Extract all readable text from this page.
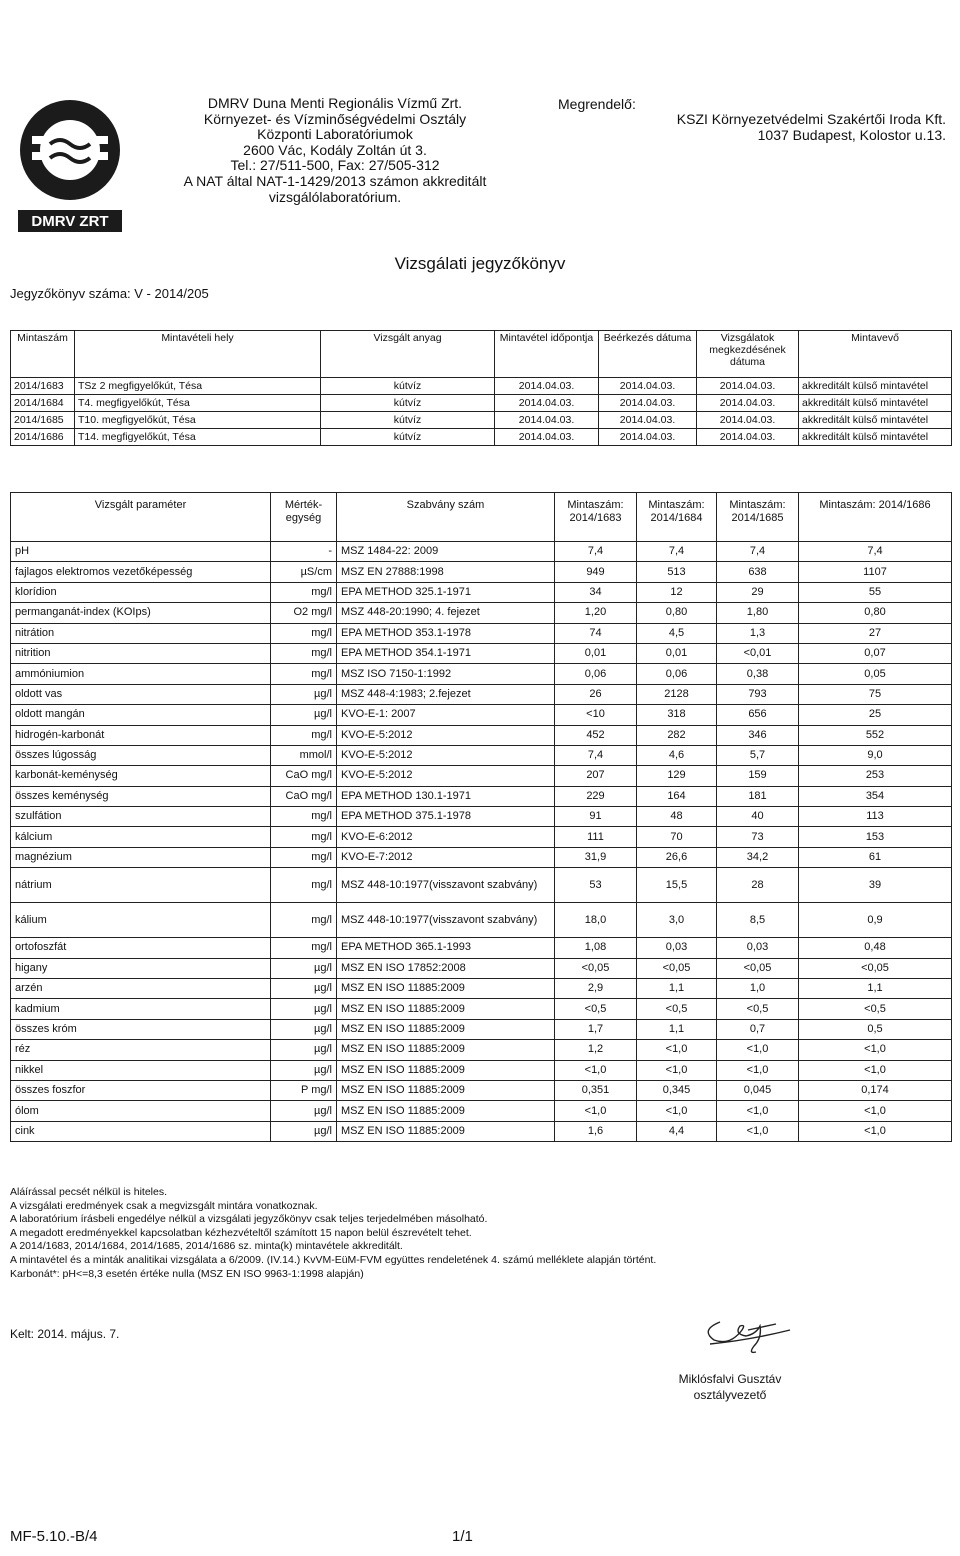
DMRV ZRT
DMRV Duna Menti Regionális Vízmű Zrt.
Környezet- és Vízminőségvédelmi Osztály
Központi Laboratóriumok
2600 Vác, Kodály Zoltán út 3.
Tel.: 27/511-500, Fax: 27/505-312
A NAT által NAT-1-1429/2013 számon akkreditált
vizsgálólaboratórium.
Megrendelő:
KSZI Környezetvédelmi Szakértői Iroda Kft.
1037 Budapest, Kolostor u.13.
Vizsgálati jegyzőkönyv
Jegyzőkönyv száma: V - 2014/205
Mintaszám	Mintavételi hely	Vizsgált anyag	Mintavétel időpontja	Beérkezés dátuma	Vizsgálatok megkezdésének dátuma	Mintavevő
2014/1683	TSz 2 megfigyelőkút, Tésa	kútvíz	2014.04.03.	2014.04.03.	2014.04.03.	akkreditált külső mintavétel
2014/1684	T4. megfigyelőkút, Tésa	kútvíz	2014.04.03.	2014.04.03.	2014.04.03.	akkreditált külső mintavétel
2014/1685	T10. megfigyelőkút, Tésa	kútvíz	2014.04.03.	2014.04.03.	2014.04.03.	akkreditált külső mintavétel
2014/1686	T14. megfigyelőkút, Tésa	kútvíz	2014.04.03.	2014.04.03.	2014.04.03.	akkreditált külső mintavétel
Vizsgált paraméter	Mérték-egység	Szabvány szám	Mintaszám: 2014/1683	Mintaszám: 2014/1684	Mintaszám: 2014/1685	Mintaszám: 2014/1686
pH	-	MSZ 1484-22: 2009	7,4	7,4	7,4	7,4
fajlagos elektromos vezetőképesség	µS/cm	MSZ EN 27888:1998	949	513	638	1107
klorídion	mg/l	EPA METHOD 325.1-1971	34	12	29	55
permanganát-index (KOIps)	O2 mg/l	MSZ 448-20:1990; 4. fejezet	1,20	0,80	1,80	0,80
nitrátion	mg/l	EPA METHOD 353.1-1978	74	4,5	1,3	27
nitrition	mg/l	EPA METHOD 354.1-1971	0,01	0,01	<0,01	0,07
ammóniumion	mg/l	MSZ ISO 7150-1:1992	0,06	0,06	0,38	0,05
oldott vas	µg/l	MSZ 448-4:1983; 2.fejezet	26	2128	793	75
oldott mangán	µg/l	KVO-E-1: 2007	<10	318	656	25
hidrogén-karbonát	mg/l	KVO-E-5:2012	452	282	346	552
összes lúgosság	mmol/l	KVO-E-5:2012	7,4	4,6	5,7	9,0
karbonát-keménység	CaO mg/l	KVO-E-5:2012	207	129	159	253
összes keménység	CaO mg/l	EPA METHOD 130.1-1971	229	164	181	354
szulfátion	mg/l	EPA METHOD 375.1-1978	91	48	40	113
kálcium	mg/l	KVO-E-6:2012	111	70	73	153
magnézium	mg/l	KVO-E-7:2012	31,9	26,6	34,2	61
nátrium	mg/l	MSZ 448-10:1977(visszavont szabvány)	53	15,5	28	39
kálium	mg/l	MSZ 448-10:1977(visszavont szabvány)	18,0	3,0	8,5	0,9
ortofoszfát	mg/l	EPA METHOD 365.1-1993	1,08	0,03	0,03	0,48
higany	µg/l	MSZ EN ISO 17852:2008	<0,05	<0,05	<0,05	<0,05
arzén	µg/l	MSZ EN ISO 11885:2009	2,9	1,1	1,0	1,1
kadmium	µg/l	MSZ EN ISO 11885:2009	<0,5	<0,5	<0,5	<0,5
összes króm	µg/l	MSZ EN ISO 11885:2009	1,7	1,1	0,7	0,5
réz	µg/l	MSZ EN ISO 11885:2009	1,2	<1,0	<1,0	<1,0
nikkel	µg/l	MSZ EN ISO 11885:2009	<1,0	<1,0	<1,0	<1,0
összes foszfor	P mg/l	MSZ EN ISO 11885:2009	0,351	0,345	0,045	0,174
ólom	µg/l	MSZ EN ISO 11885:2009	<1,0	<1,0	<1,0	<1,0
cink	µg/l	MSZ EN ISO 11885:2009	1,6	4,4	<1,0	<1,0
Aláírással pecsét nélkül is hiteles.
A vizsgálati eredmények csak a megvizsgált mintára vonatkoznak.
A laboratórium írásbeli engedélye nélkül a vizsgálati jegyzőkönyv csak teljes terjedelmében másolható.
A megadott eredményekkel kapcsolatban kézhezvételtől számított 15 napon belül észrevételt tehet.
A 2014/1683, 2014/1684, 2014/1685, 2014/1686 sz. minta(k) mintavétele akkreditált.
A mintavétel és a minták analitikai vizsgálata a 6/2009. (IV.14.) KvVM-EüM-FVM együttes rendeletének 4. számú melléklete alapján történt.
Karbonát*: pH<=8,3 esetén értéke nulla (MSZ EN ISO 9963-1:1998 alapján)
Kelt: 2014. május. 7.
Miklósfalvi Gusztáv
osztályvezető
MF-5.10.-B/4	1/1
